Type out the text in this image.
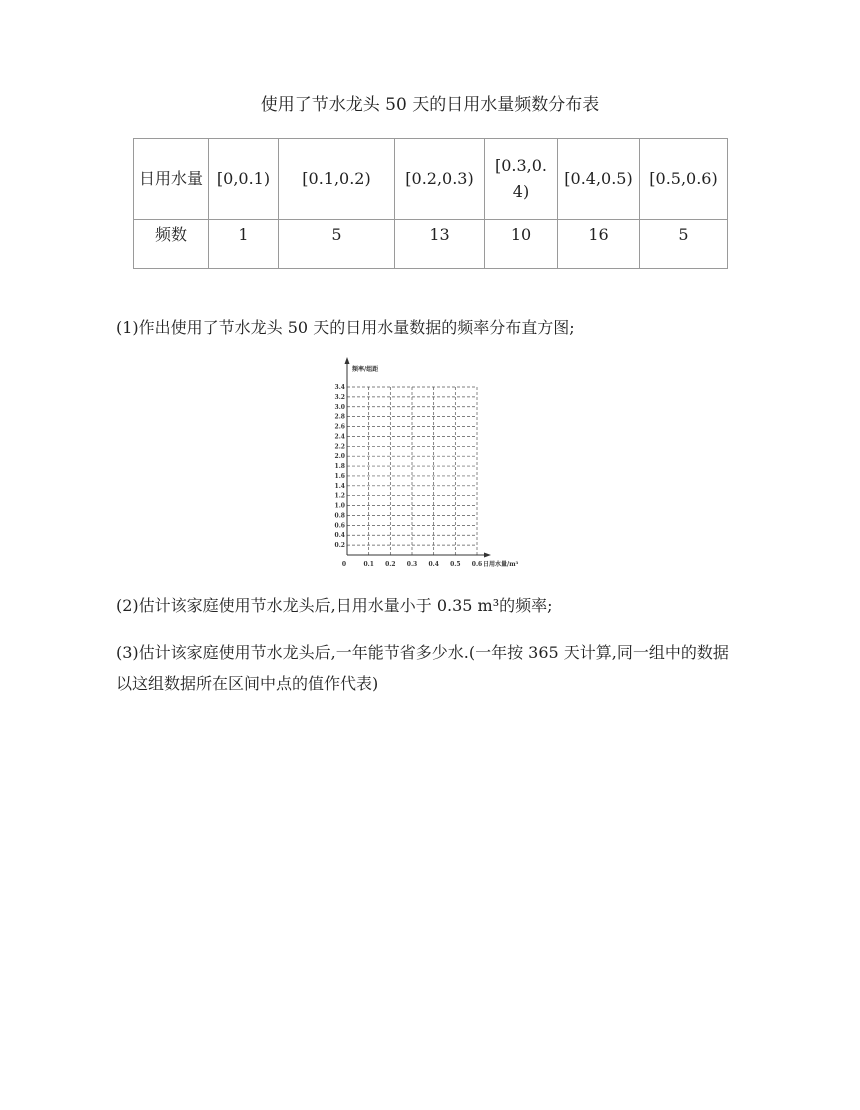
使用了节水龙头 50 天的日用水量频数分布表
日用水量	[0,0.1)	[0.1,0.2)	[0.2,0.3)	[0.3,0.4)	[0.4,0.5)	[0.5,0.6)
频数	1	5	13	10	16	5
(1)作出使用了节水龙头 50 天的日用水量数据的频率分布直方图;
0.2
0.4
0.6
0.8
1.0
1.2
1.4
1.6
1.8
2.0
2.2
2.4
2.6
2.8
3.0
3.2
3.4
0.1 0.2 0.3 0.4 0.5 0.6
0
频率/组距
日用水量/m³
(2)估计该家庭使用节水龙头后,日用水量小于 0.35 m³的频率;
(3)估计该家庭使用节水龙头后,一年能节省多少水.(一年按 365 天计算,同一组中的数据以这组数据所在区间中点的值作代表)
